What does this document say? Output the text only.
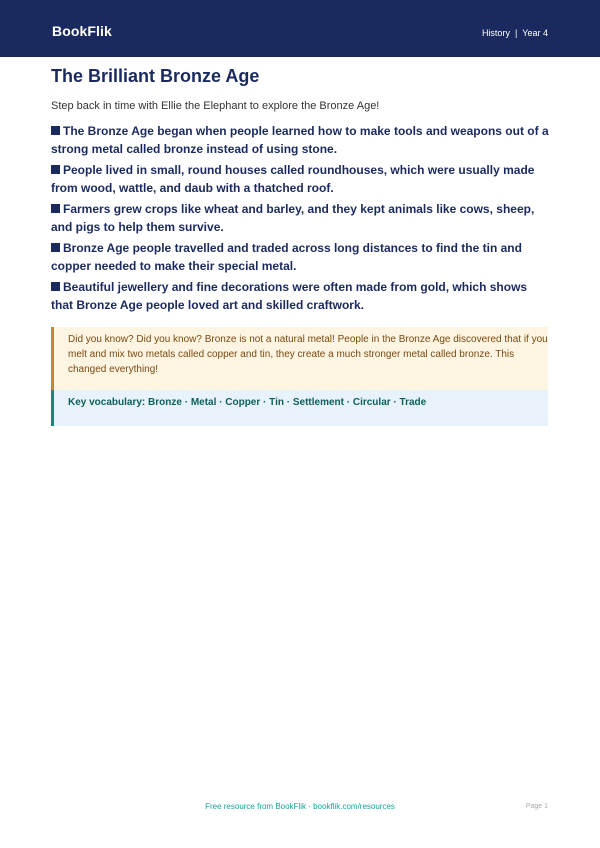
BookFlik	History | Year 4
The Brilliant Bronze Age

Step back in time with Ellie the Elephant to explore the Bronze Age!

The Bronze Age began when people learned how to make tools and weapons out of a strong metal called bronze instead of using stone.
People lived in small, round houses called roundhouses, which were usually made from wood, wattle, and daub with a thatched roof.
Farmers grew crops like wheat and barley, and they kept animals like cows, sheep, and pigs to help them survive.
Bronze Age people travelled and traded across long distances to find the tin and copper needed to make their special metal.
Beautiful jewellery and fine decorations were often made from gold, which shows that Bronze Age people loved art and skilled craftwork.
Did you know? Did you know? Bronze is not a natural metal! People in the Bronze Age discovered that if you melt and mix two metals called copper and tin, they create a much stronger metal called bronze. This changed everything!
Key vocabulary: Bronze · Metal · Copper · Tin · Settlement · Circular · Trade
Free resource from BookFlik · bookflik.com/resources	Page 1
